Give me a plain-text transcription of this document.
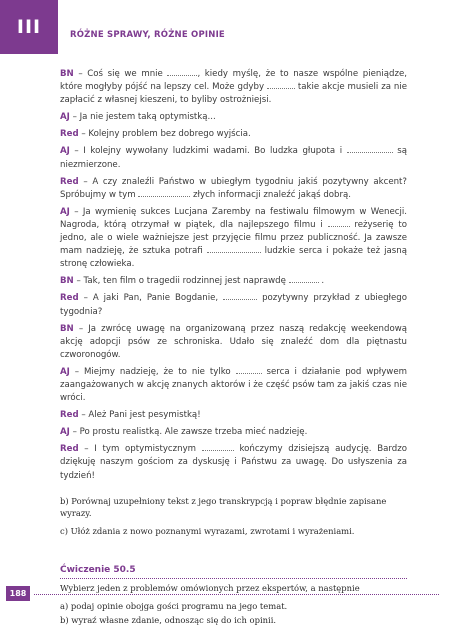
III	RÓŻNE SPRAWY, RÓŻNE OPINIE

BN – Coś się we mnie	, kiedy myślę, że to nasze wspólne pieniądze, które mogłyby pójść na lepszy cel. Może gdyby	takie akcje musieli za nie zapłacić z własnej kieszeni, to byliby ostrożniejsi.

AJ – Ja nie jestem taką optymistką...

Red – Kolejny problem bez dobrego wyjścia.

AJ – I kolejny wywołany ludzkimi wadami. Bo ludzka głupota i	są niezmierzone.

Red – A czy znaleźli Państwo w ubiegłym tygodniu jakiś pozytywny akcent? Spróbujmy w tym	złych informacji znaleźć jakąś dobrą.

AJ – Ja wymienię sukces Lucjana Zaremby na festiwalu filmowym w Wenecji. Nagroda, którą otrzymał w piątek, dla najlepszego filmu i	reżyserię to jedno, ale o wiele ważniejsze jest przyjęcie filmu przez publiczność. Ja zawsze mam nadzieję, że sztuka potrafi	ludzkie serca i pokaże też jasną stronę człowieka.

BN – Tak, ten film o tragedii rodzinnej jest naprawdę	.

Red – A jaki Pan, Panie Bogdanie,	pozytywny przykład z ubiegłego tygodnia?

BN – Ja zwrócę uwagę na organizowaną przez naszą redakcję weekendową akcję adopcji psów ze schroniska. Udało się znaleźć dom dla piętnastu czworonogów.

AJ – Miejmy nadzieję, że to nie tylko	serca i działanie pod wpływem zaangażowanych w akcję znanych aktorów i że część psów tam za jakiś czas nie wróci.

Red – Ależ Pani jest pesymistką!

AJ – Po prostu realistką. Ale zawsze trzeba mieć nadzieję.

Red – I tym optymistycznym	kończymy dzisiejszą audycję. Bardzo dziękuję naszym gościom za dyskusję i Państwu za uwagę. Do usłyszenia za tydzień!

b) Porównaj uzupełniony tekst z jego transkrypcją i popraw błędnie zapisane wyrazy.

c) Ułóż zdania z nowo poznanymi wyrazami, zwrotami i wyrażeniami.

Ćwiczenie 50.5

Wybierz jeden z problemów omówionych przez ekspertów, a następnie

a) podaj opinie obojga gości programu na jego temat.

b) wyraź własne zdanie, odnosząc się do ich opinii.

188
